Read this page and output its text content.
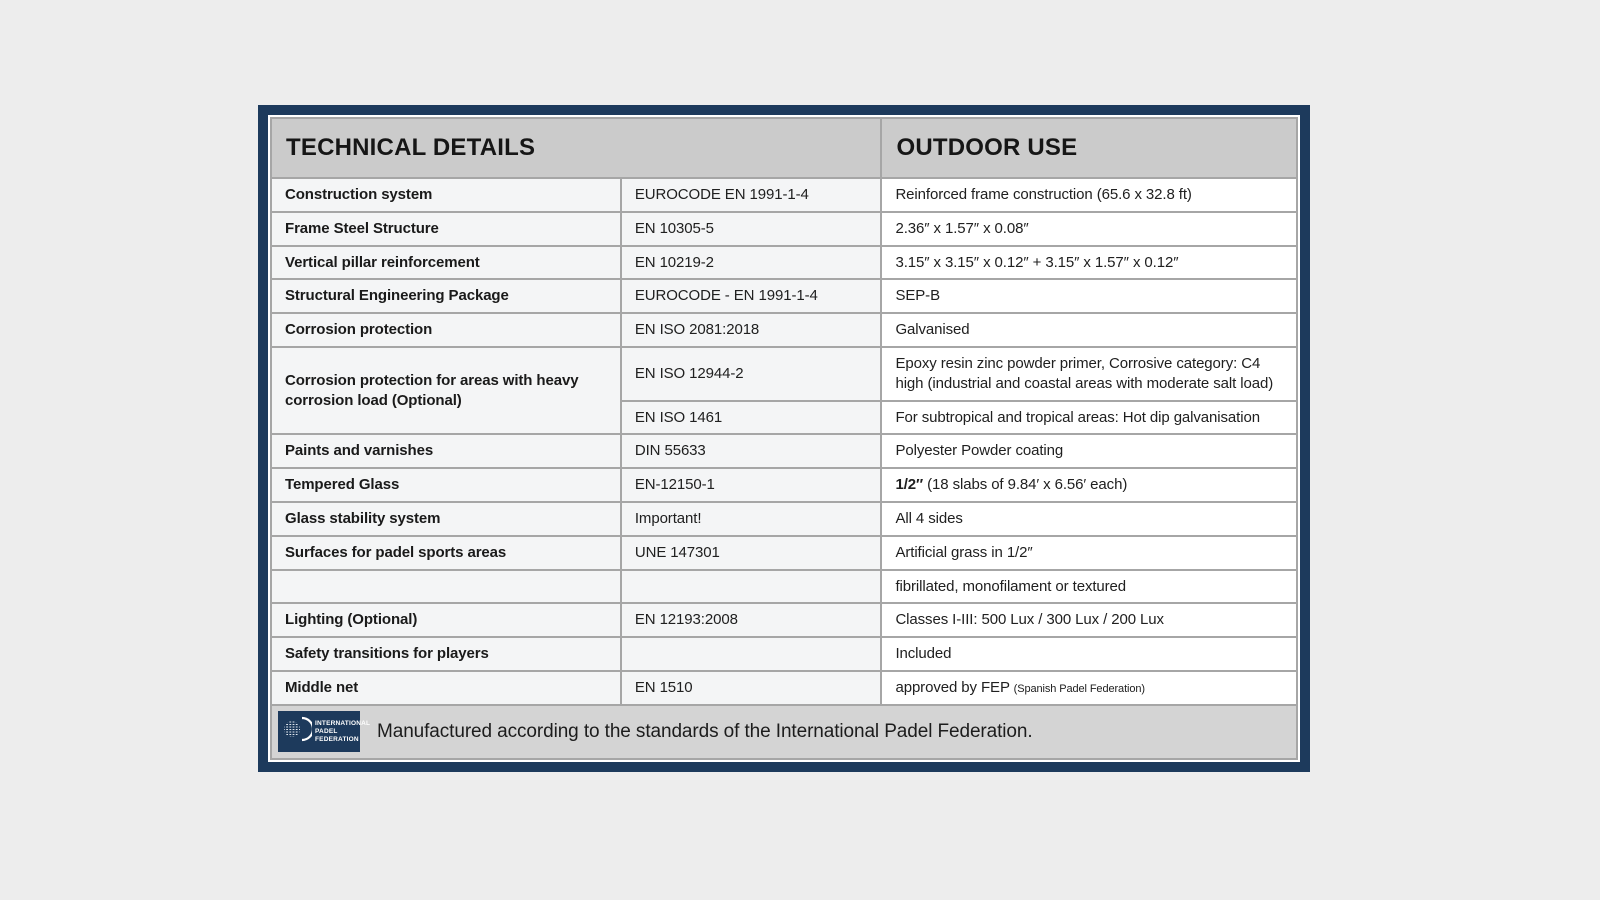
TECHNICAL DETAILS		OUTDOOR USE
Construction system	EUROCODE EN 1991-1-4	Reinforced frame construction (65.6 x 32.8 ft)
Frame Steel Structure	EN 10305-5	2.36″ x 1.57″ x 0.08″
Vertical pillar reinforcement	EN 10219-2	3.15″ x 3.15″ x 0.12″ + 3.15″ x 1.57″ x 0.12″
Structural Engineering Package	EUROCODE - EN 1991-1-4	SEP-B
Corrosion protection	EN ISO 2081:2018	Galvanised
Corrosion protection for areas with heavy corrosion load (Optional)	EN ISO 12944-2	Epoxy resin zinc powder primer, Corrosive category: C4 high (industrial and coastal areas with moderate salt load)
	EN ISO 1461	For subtropical and tropical areas: Hot dip galvanisation
Paints and varnishes	DIN 55633	Polyester Powder coating
Tempered Glass	EN-12150-1	1/2″ (18 slabs of 9.84′ x 6.56′ each)
Glass stability system	Important!	All 4 sides
Surfaces for padel sports areas	UNE 147301	Artificial grass in 1/2″
		fibrillated, monofilament or textured
Lighting (Optional)	EN 12193:2008	Classes I-III: 500 Lux / 300 Lux / 200 Lux
Safety transitions for players		Included
Middle net	EN 1510	approved by FEP (Spanish Padel Federation)

INTERNATIONAL
PADEL
FEDERATION Manufactured according to the standards of the International Padel Federation.		
